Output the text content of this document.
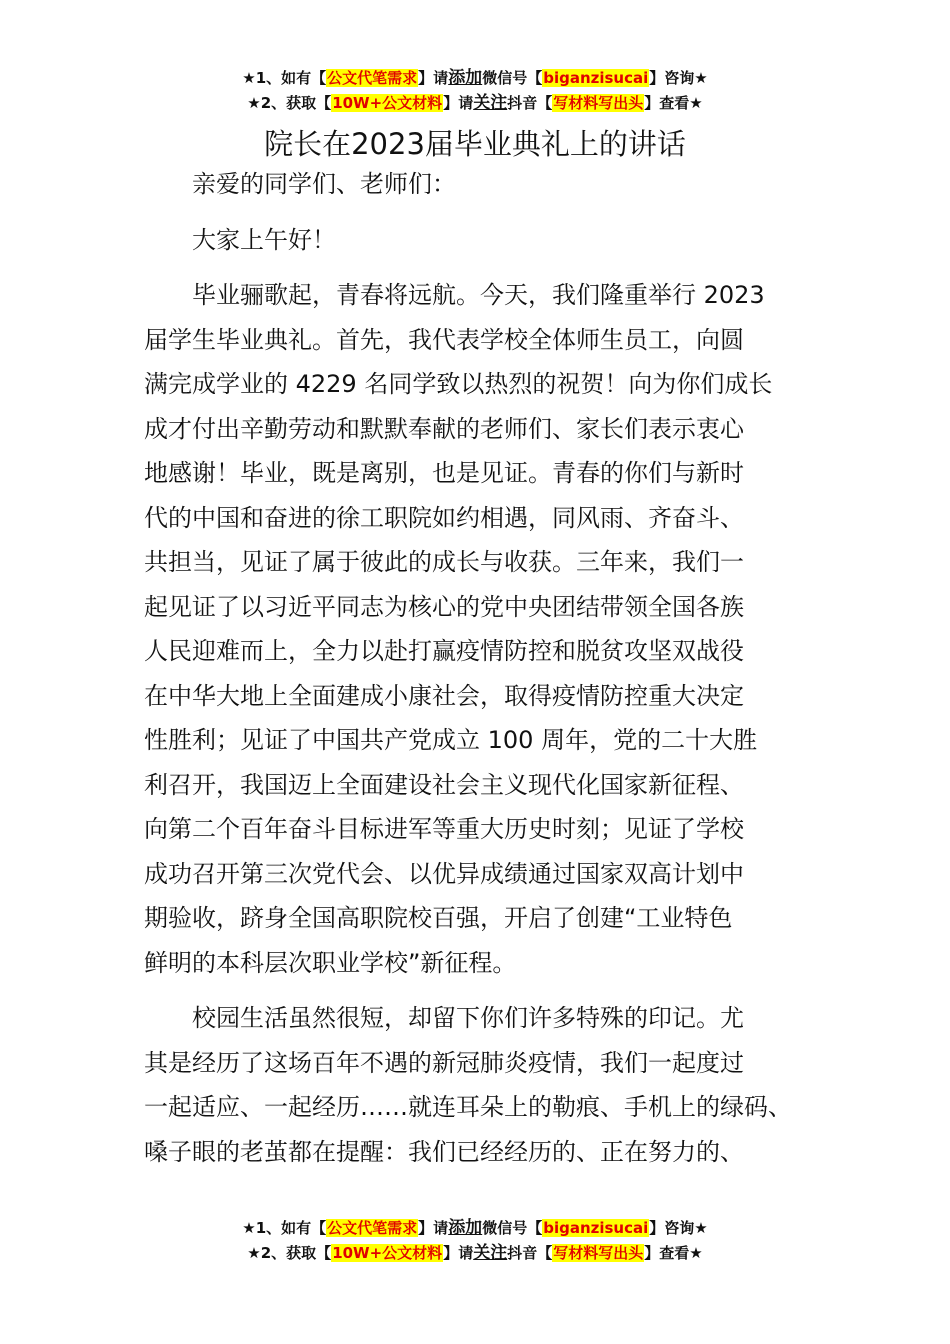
★1、如有【公文代笔需求】请添加微信号【biganzisucai】咨询★
★2、获取【10W+公文材料】请关注抖音【写材料写出头】查看★
院长在2023届毕业典礼上的讲话

亲爱的同学们、老师们：

大家上午好！

毕业骊歌起，青春将远航。今天，我们隆重举行 2023

届学生毕业典礼。首先，我代表学校全体师生员工，向圆

满完成学业的 4229 名同学致以热烈的祝贺！向为你们成长

成才付出辛勤劳动和默默奉献的老师们、家长们表示衷心

地感谢！毕业，既是离别，也是见证。青春的你们与新时

代的中国和奋进的徐工职院如约相遇，同风雨、齐奋斗、

共担当，见证了属于彼此的成长与收获。三年来，我们一

起见证了以习近平同志为核心的党中央团结带领全国各族

人民迎难而上，全力以赴打赢疫情防控和脱贫攻坚双战役

在中华大地上全面建成小康社会，取得疫情防控重大决定

性胜利；见证了中国共产党成立 100 周年，党的二十大胜

利召开，我国迈上全面建设社会主义现代化国家新征程、

向第二个百年奋斗目标进军等重大历史时刻；见证了学校

成功召开第三次党代会、以优异成绩通过国家双高计划中

期验收，跻身全国高职院校百强，开启了创建“工业特色

鲜明的本科层次职业学校”新征程。

校园生活虽然很短，却留下你们许多特殊的印记。尤

其是经历了这场百年不遇的新冠肺炎疫情，我们一起度过

一起适应、一起经历……就连耳朵上的勒痕、手机上的绿码、

嗓子眼的老茧都在提醒：我们已经经历的、正在努力的、

★1、如有【公文代笔需求】请添加微信号【biganzisucai】咨询★
★2、获取【10W+公文材料】请关注抖音【写材料写出头】查看★
